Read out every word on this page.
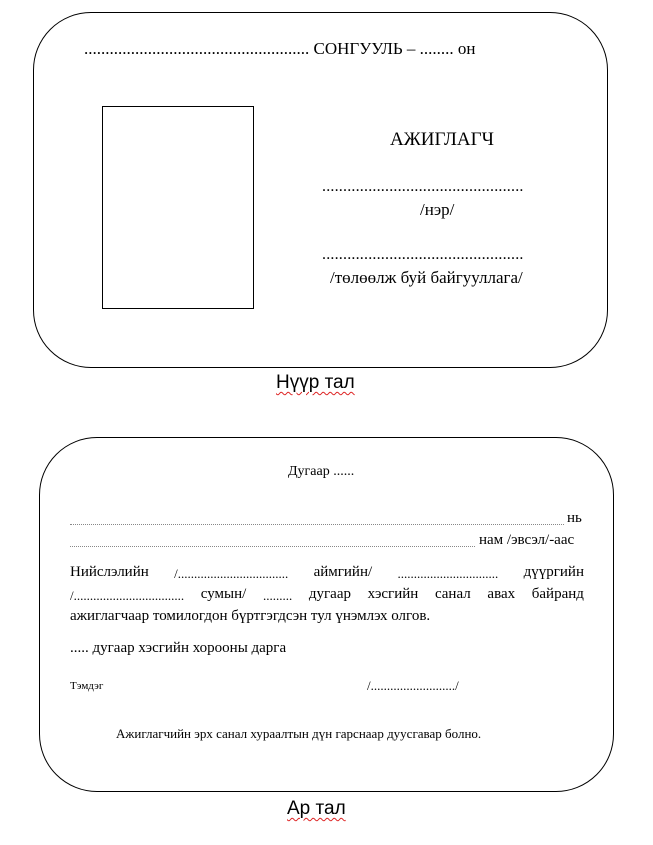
..................................................... СОНГУУЛЬ – ........ он
АЖИГЛАГЧ
................................................
/нэр/
................................................
/төлөөлж буй байгууллага/
Нүүр тал
Дугаар ......
нь
нам /эвсэл/-аас
Нийслэлийн /.................................. аймгийн/ ............................... дүүргийн
/.................................. сумын/ ......... дугаар хэсгийн санал авах байранд
ажиглагчаар томилогдон бүртгэгдсэн тул үнэмлэх олгов.
..... дугаар хэсгийн хорооны дарга
Тэмдэг	/........................../
Ажиглагчийн эрх санал хураалтын дүн гарснаар дуусгавар болно.
Ар тал
